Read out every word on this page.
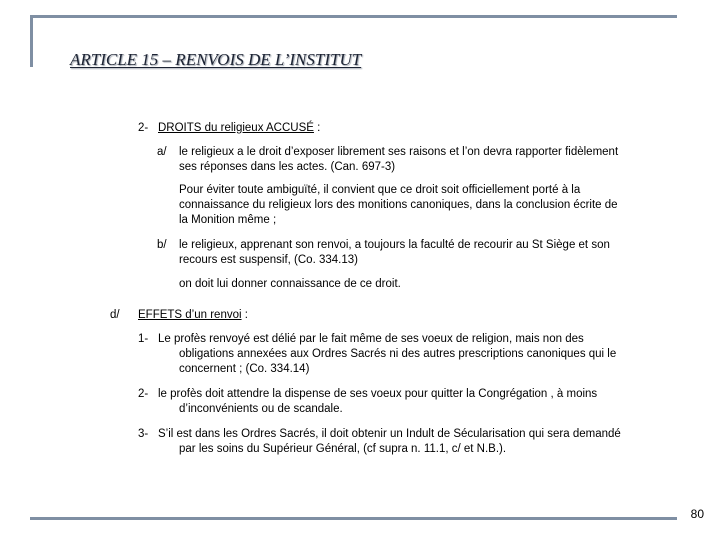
ARTICLE 15 – RENVOIS DE L’INSTITUT

2- DROITS du religieux ACCUSÉ :

a/ le religieux a le droit d’exposer librement ses raisons et l’on devra rapporter fidèlement

ses réponses dans les actes. (Can. 697-3)

Pour éviter toute ambiguïté, il convient que ce droit soit officiellement porté à la

connaissance du religieux lors des monitions canoniques, dans la conclusion écrite de

la Monition même ;

b/ le religieux, apprenant son renvoi, a toujours la faculté de recourir au St Siège et son

recours est suspensif, (Co. 334.13)

on doit lui donner connaissance de ce droit.

d/ EFFETS d’un renvoi :

1- Le profès renvoyé est délié par le fait même de ses voeux de religion, mais non des

obligations annexées aux Ordres Sacrés ni des autres prescriptions canoniques qui le

concernent ; (Co. 334.14)

2- le profès doit attendre la dispense de ses voeux pour quitter la Congrégation , à moins

d’inconvénients ou de scandale.

3- S’il est dans les Ordres Sacrés, il doit obtenir un Indult de Sécularisation qui sera demandé

par les soins du Supérieur Général, (cf supra n. 11.1, c/ et N.B.).

80
